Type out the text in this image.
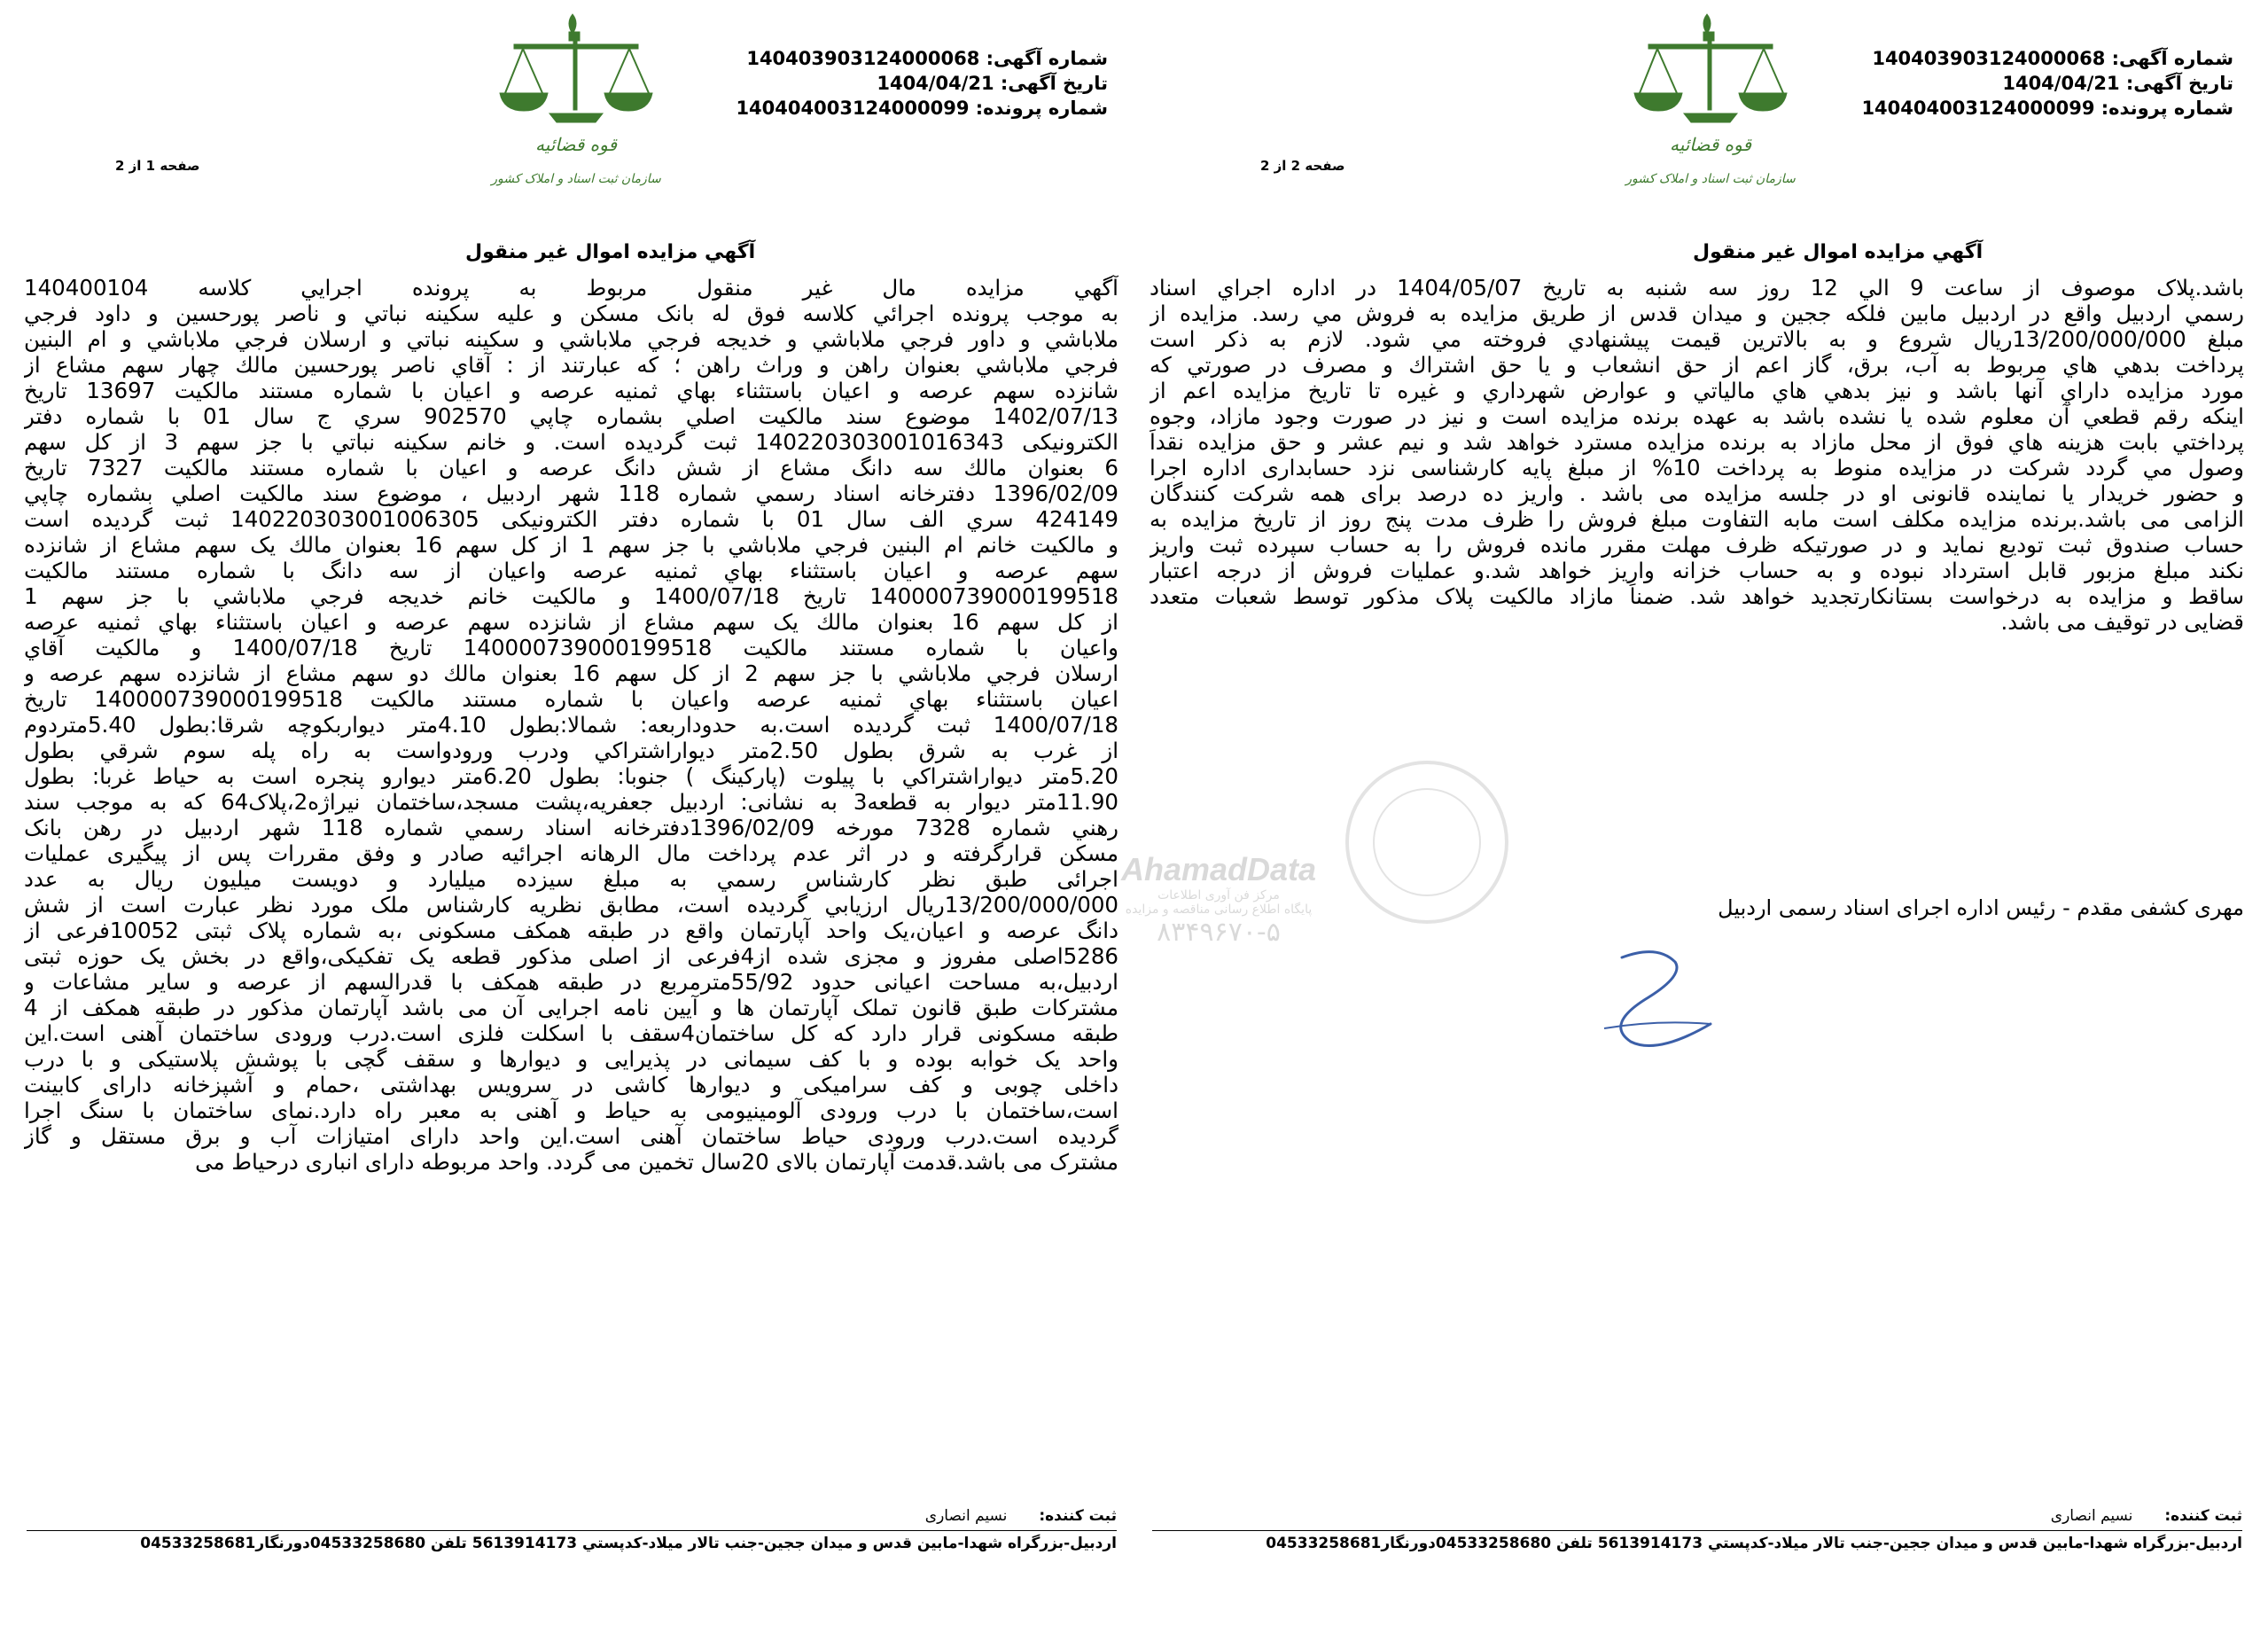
شماره آگهی: 140403903124000068
تاریخ آگهی: 1404/04/21
شماره پرونده: 140404003124000099
قوه قضائیه
سازمان ثبت اسناد و املاک کشور
صفحه 1 از 2
آگهي مزايده اموال غير منقول
آگهي مزايده مال غير منقول مربوط به پرونده اجرايي كلاسه 140400104
به موجب پرونده اجرائي كلاسه فوق له بانک مسکن و عليه سكينه نباتي و ناصر پورحسين و داود فرجي
ملاباشي و داور فرجي ملاباشي و خديجه فرجي ملاباشي و سكينه نباتي و ارسلان فرجي ملاباشي و ام البنين
فرجي ملاباشي بعنوان راهن و وراث راهن ؛ كه عبارتند از : آقاي ناصر پورحسين مالك چهار سهم مشاع از
شانزده سهم عرصه و اعيان باستثناء بهاي ثمنيه عرصه و اعيان با شماره مستند مالكيت 13697 تاريخ
1402/07/13 موضوع سند مالكيت اصلي بشماره چاپي 902570 سري ج سال 01 با شماره دفتر
الكترونيكی 140220303001016343 ثبت گرديده است. و خانم سكينه نباتي با جز سهم 3 از كل سهم
6 بعنوان مالك سه دانگ مشاع از شش دانگ عرصه و اعيان با شماره مستند مالكيت 7327 تاريخ
1396/02/09 دفترخانه اسناد رسمي شماره 118 شهر اردبيل ، موضوع سند مالكيت اصلي بشماره چاپي
424149 سري الف سال 01 با شماره دفتر الكترونيكی 140220303001006305 ثبت گرديده است
و مالكيت خانم ام البنين فرجي ملاباشي با جز سهم 1 از كل سهم 16 بعنوان مالك يک سهم مشاع از شانزده
سهم عرصه و اعيان باستثناء بهاي ثمنيه عرصه واعيان از سه دانگ با شماره مستند مالكيت
140000739000199518 تاريخ 1400/07/18 و مالكيت خانم خديجه فرجي ملاباشي با جز سهم 1
از كل سهم 16 بعنوان مالك يک سهم مشاع از شانزده سهم عرصه و اعيان باستثناء بهاي ثمنيه عرصه
واعيان با شماره مستند مالكيت 140000739000199518 تاريخ 1400/07/18 و مالكيت آقاي
ارسلان فرجي ملاباشي با جز سهم 2 از كل سهم 16 بعنوان مالك دو سهم مشاع از شانزده سهم عرصه و
اعيان باستثناء بهاي ثمنيه عرصه واعيان با شماره مستند مالكيت 140000739000199518 تاريخ
1400/07/18 ثبت گرديده است.به حدوداربعه: شمالا:بطول 4.10متر ديواربكوچه شرقا:بطول 5.40متردوم
از غرب به شرق بطول 2.50متر ديواراشتراكي ودرب ورودواست به راه پله سوم شرقي بطول
5.20متر ديواراشتراكي با پيلوت (پاركينگ ) جنوبا: بطول 6.20متر ديوارو پنجره است به حياط غربا: بطول
11.90متر ديوار به قطعه3 به نشانی: اردبيل جعفريه،پشت مسجد،ساختمان نيراژه2،پلاک64 كه به موجب سند
رهني شماره 7328 مورخه 1396/02/09دفترخانه اسناد رسمي شماره 118 شهر اردبيل در رهن بانک
مسكن قرارگرفته و در اثر عدم پرداخت مال الرهانه اجرائيه صادر و وفق مقررات پس از پيگيری عمليات
اجرائی طبق نظر كارشناس رسمي به مبلغ سيزده ميليارد و دويست ميليون ريال به عدد
13/200/000/000ريال ارزيابي گرديده است، مطابق نظريه كارشناس ملک مورد نظر عبارت است از شش
دانگ عرصه و اعيان،يک واحد آپارتمان واقع در طبقه همكف مسكونی ،به شماره پلاک ثبتی 10052فرعی از
5286اصلی مفروز و مجزی شده از4فرعی از اصلی مذكور قطعه يک تفكيکی،واقع در بخش يک حوزه ثبتی
اردبيل،به مساحت اعيانی حدود 55/92مترمربع در طبقه همكف با قدرالسهم از عرصه و ساير مشاعات و
مشتركات طبق قانون تملک آپارتمان ها و آيين نامه اجرايی آن می باشد آپارتمان مذكور در طبقه همكف از 4
طبقه مسكونی قرار دارد كه كل ساختمان4سقف با اسكلت فلزی است.درب ورودی ساختمان آهنی است.اين
واحد يک خوابه بوده و با كف سيمانی در پذيرايی و ديوارها و سقف گچی با پوشش پلاستيكی و با درب
داخلی چوبی و كف سراميكی و ديوارها كاشی در سرويس بهداشتی ،حمام و آشپزخانه دارای كابينت
است،ساختمان با درب ورودی آلومينيومی به حياط و آهنی به معبر راه دارد.نمای ساختمان با سنگ اجرا
گرديده است.درب ورودی حياط ساختمان آهنی است.اين واحد دارای امتيازات آب و برق مستقل و گاز
مشترک می باشد.قدمت آپارتمان بالای 20سال تخمين می گردد. واحد مربوطه دارای انباری درحياط می
ثبت کننده: نسیم انصاری
اردبيل-بزرگراه شهدا-مابين قدس و ميدان ججين-جنب تالار ميلاد-كدپستي 5613914173 تلفن 04533258680دورنگار04533258681
شماره آگهی: 140403903124000068
تاریخ آگهی: 1404/04/21
شماره پرونده: 140404003124000099
قوه قضائیه
سازمان ثبت اسناد و املاک کشور
صفحه 2 از 2
آگهي مزايده اموال غير منقول
باشد.پلاک موصوف از ساعت 9 الي 12 روز سه شنبه به تاريخ 1404/05/07 در اداره اجراي اسناد
رسمي اردبيل واقع در اردبيل مابين فلكه ججين و ميدان قدس از طريق مزايده به فروش مي رسد. مزايده از
مبلغ 13/200/000/000ريال شروع و به بالاترين قيمت پيشنهادي فروخته مي شود. لازم به ذكر است
پرداخت بدهي هاي مربوط به آب، برق، گاز اعم از حق انشعاب و يا حق اشتراك و مصرف در صورتي كه
مورد مزايده داراي آنها باشد و نيز بدهي هاي مالياتي و عوارض شهرداري و غيره تا تاريخ مزايده اعم از
اينكه رقم قطعي آن معلوم شده يا نشده باشد به عهده برنده مزايده است و نيز در صورت وجود مازاد، وجوه
پرداختي بابت هزينه هاي فوق از محل مازاد به برنده مزايده مسترد خواهد شد و نيم عشر و حق مزايده نقداً
وصول مي گردد شركت در مزايده منوط به پرداخت 10% از مبلغ پايه كارشناسی نزد حسابداری اداره اجرا
و حضور خريدار يا نماينده قانونی او در جلسه مزايده می باشد . واريز ده درصد برای همه شركت كنندگان
الزامی می باشد.برنده مزايده مكلف است مابه التفاوت مبلغ فروش را ظرف مدت پنج روز از تاريخ مزايده به
حساب صندوق ثبت توديع نمايد و در صورتيكه ظرف مهلت مقرر مانده فروش را به حساب سپرده ثبت واريز
نكند مبلغ مزبور قابل استرداد نبوده و به حساب خزانه واريز خواهد شد.و عمليات فروش از درجه اعتبار
ساقط و مزايده به درخواست بستانكارتجديد خواهد شد. ضمناً مازاد مالكيت پلاک مذكور توسط شعبات متعدد
قضايی در توقيف می باشد.
مهری كشفی مقدم - رئيس اداره اجرای اسناد رسمی اردبيل
AhamadData
مرکز فن آوری اطلاعات
پایگاه اطلاع رسانی مناقصه و مزایده
۸۳۴۹۶۷۰-۵
ثبت کننده: نسیم انصاری
اردبيل-بزرگراه شهدا-مابين قدس و ميدان ججين-جنب تالار ميلاد-كدپستي 5613914173 تلفن 04533258680دورنگار04533258681
